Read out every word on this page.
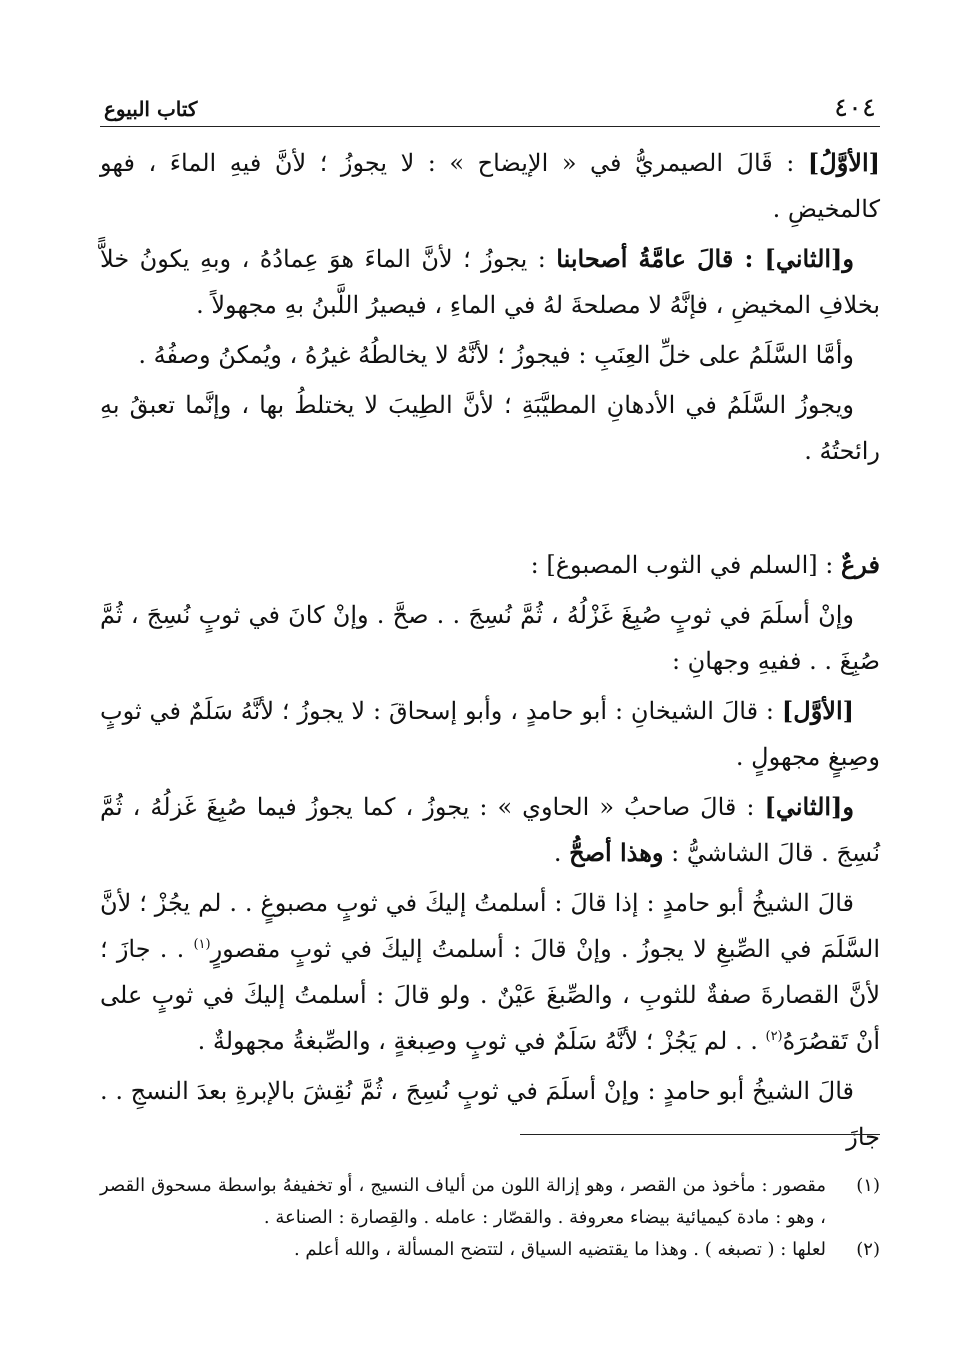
٤٠٤
كتاب البيوع

[الأوَّلُ] : قَالَ الصيمريُّ في « الإيضاح » : لا يجوزُ ؛ لأنَّ فيهِ الماءَ ، فهو كالمخيضِ .

و[الثاني] : قالَ عامَّةُ أصحابنا : يجوزُ ؛ لأنَّ الماءَ هوَ عِمادُهُ ، وبهِ يكونُ خلاًّ بخلافِ المخيضِ ، فإنَّهُ لا مصلحةَ لهُ في الماءِ ، فيصيرُ اللَّبنُ بهِ مجهولاً .

وأمَّا السَّلَمُ على خلِّ العِنَبِ : فيجوزُ ؛ لأنَّهُ لا يخالطُهُ غيرُهُ ، ويُمكنُ وصفُهُ .

ويجوزُ السَّلَمُ في الأدهانِ المطيَّبَةِ ؛ لأنَّ الطِيبَ لا يختلطُ بها ، وإنَّما تعبقُ بهِ رائحتُهُ .

فرعٌ : [السلم في الثوب المصبوغ] :

وإنْ أسلَمَ في ثوبٍ صُبِغَ غَزْلُهُ ، ثُمَّ نُسِجَ . . صحَّ . وإنْ كانَ في ثوبٍ نُسِجَ ، ثُمَّ صُبِغَ . . ففيهِ وجهانِ :

[الأوَّل] : قالَ الشيخانِ : أبو حامدٍ ، وأبو إسحاقَ : لا يجوزُ ؛ لأنَّهُ سَلَمٌ في ثوبٍ وصِبغٍ مجهولٍ .

و[الثاني] : قالَ صاحبُ « الحاوي » : يجوزُ ، كما يجوزُ فيما صُبِغَ غَزلُهُ ، ثُمَّ نُسِجَ . قالَ الشاشيُّ : وهذا أصحُّ .

قالَ الشيخُ أبو حامدٍ : إذا قالَ : أسلمتُ إليكَ في ثوبٍ مصبوغٍ . . لم يجُزْ ؛ لأنَّ السَّلَمَ في الصِّبغِ لا يجوزُ . وإنْ قالَ : أسلمتُ إليكَ في ثوبٍ مقصورٍ$^{(١)}$ . . جازَ ؛ لأنَّ القصارةَ صفةٌ للثوبِ ، والصِّبغَ عَيْنٌ . ولو قالَ : أسلمتُ إليكَ في ثوبٍ على أنْ تَقصُرَهُ$^{(٢)}$ . . لم يَجُزْ ؛ لأنَّهُ سَلَمٌ في ثوبٍ وصِبغةٍ ، والصِّبغةُ مجهولةٌ .

قالَ الشيخُ أبو حامدٍ : وإنْ أسلَمَ في ثوبٍ نُسِجَ ، ثُمَّ نُقِشَ بالإبرةِ بعدَ النسجِ . . جازَ

(١)
مقصور : مأخوذ من القصر ، وهو إزالة اللون من ألياف النسيج ، أو تخفيفهُ بواسطة مسحوق القصر ، وهو : مادة كيميائية بيضاء معروفة . والقصّار : عامله . والقِصارة : الصناعة .

(٢)
لعلها : ( تصبغه ) . وهذا ما يقتضيه السياق ، لتتضح المسألة ، والله أعلم .
